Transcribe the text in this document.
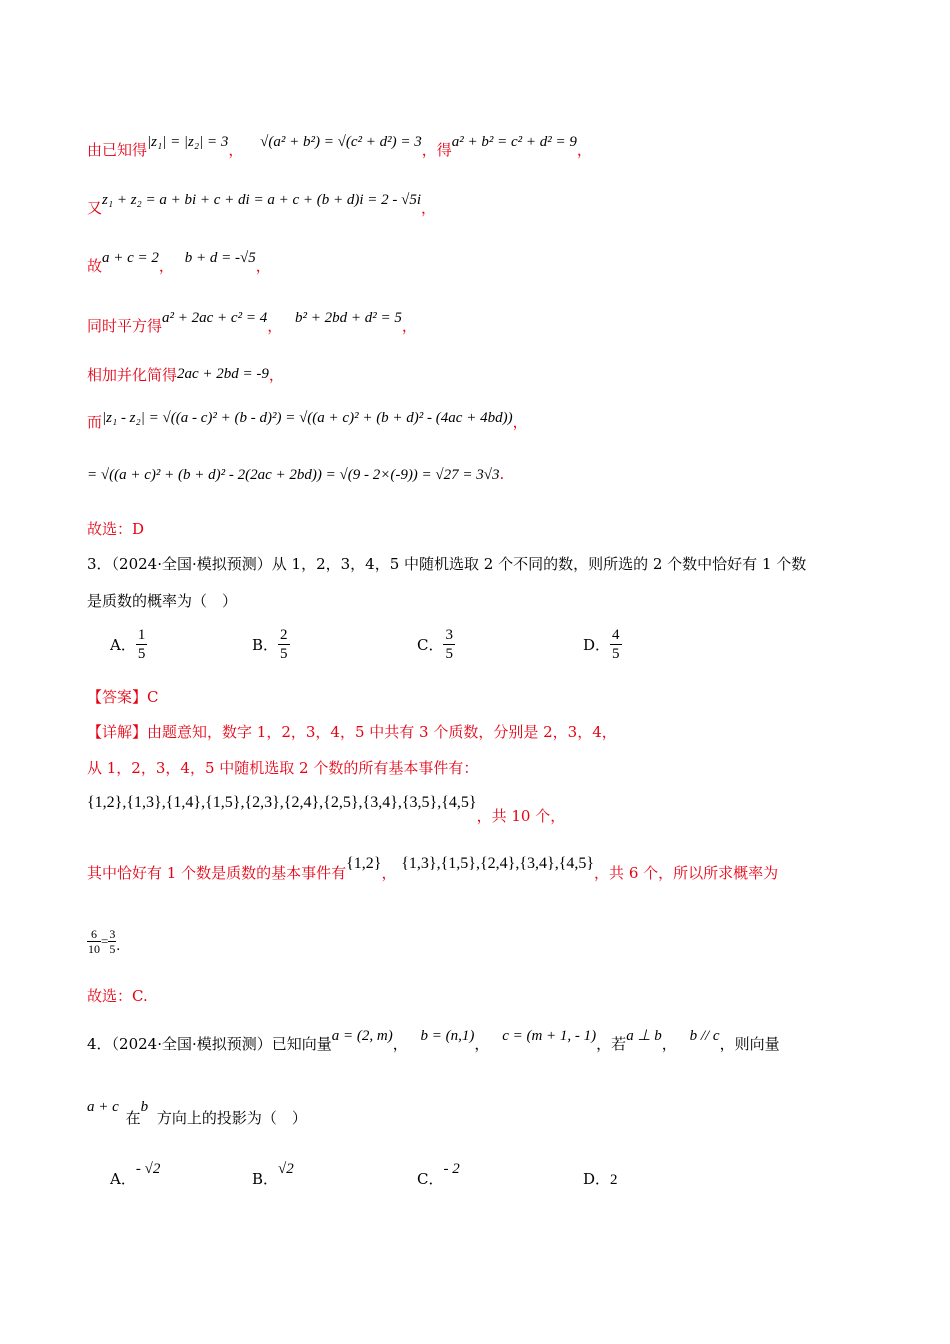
由已知得|z₁| = |z₂| = 3， √(a² + b²) = √(c² + d²) = 3，得a² + b² = c² + d² = 9，
又z₁ + z₂ = a + bi + c + di = a + c + (b + d)i = 2 - √5i，
故a + c = 2， b + d = -√5，
同时平方得a² + 2ac + c² = 4， b² + 2bd + d² = 5，
相加并化简得2ac + 2bd = -9，
而|z₁ - z₂| = √((a - c)² + (b - d)²) = √((a + c)² + (b + d)² - (4ac + 4bd))，
= √((a + c)² + (b + d)² - 2(2ac + 2bd)) = √(9 - 2×(-9)) = √27 = 3√3.
故选：D
3．（2024·全国·模拟预测）从 1，2，3，4，5 中随机选取 2 个不同的数，则所选的 2 个数中恰好有 1 个数
是质数的概率为（　）
A． $\frac{1}{5}$	B． $\frac{2}{5}$	C． $\frac{3}{5}$	D． $\frac{4}{5}$
【答案】C
【详解】由题意知，数字 1，2，3，4，5 中共有 3 个质数，分别是 2，3，4，
从 1，2，3，4，5 中随机选取 2 个数的所有基本事件有：
{1,2},{1,3},{1,4},{1,5},{2,3},{2,4},{2,5},{3,4},{3,5},{4,5}，共 10 个，
其中恰好有 1 个数是质数的基本事件有{1,2}， {1,3},{1,5},{2,4},{3,4},{4,5}，共 6 个，所以所求概率为
$\frac{6}{10} = \frac{3}{5}$ .
故选：C.
4．（2024·全国·模拟预测）已知向量a = (2, m)， b = (n,1)， c = (m + 1, - 1)，若a ⊥ b， b // c，则向量
a + c 在b 方向上的投影为（　）
A．- √2
B．√2
C．- 2
D．2
